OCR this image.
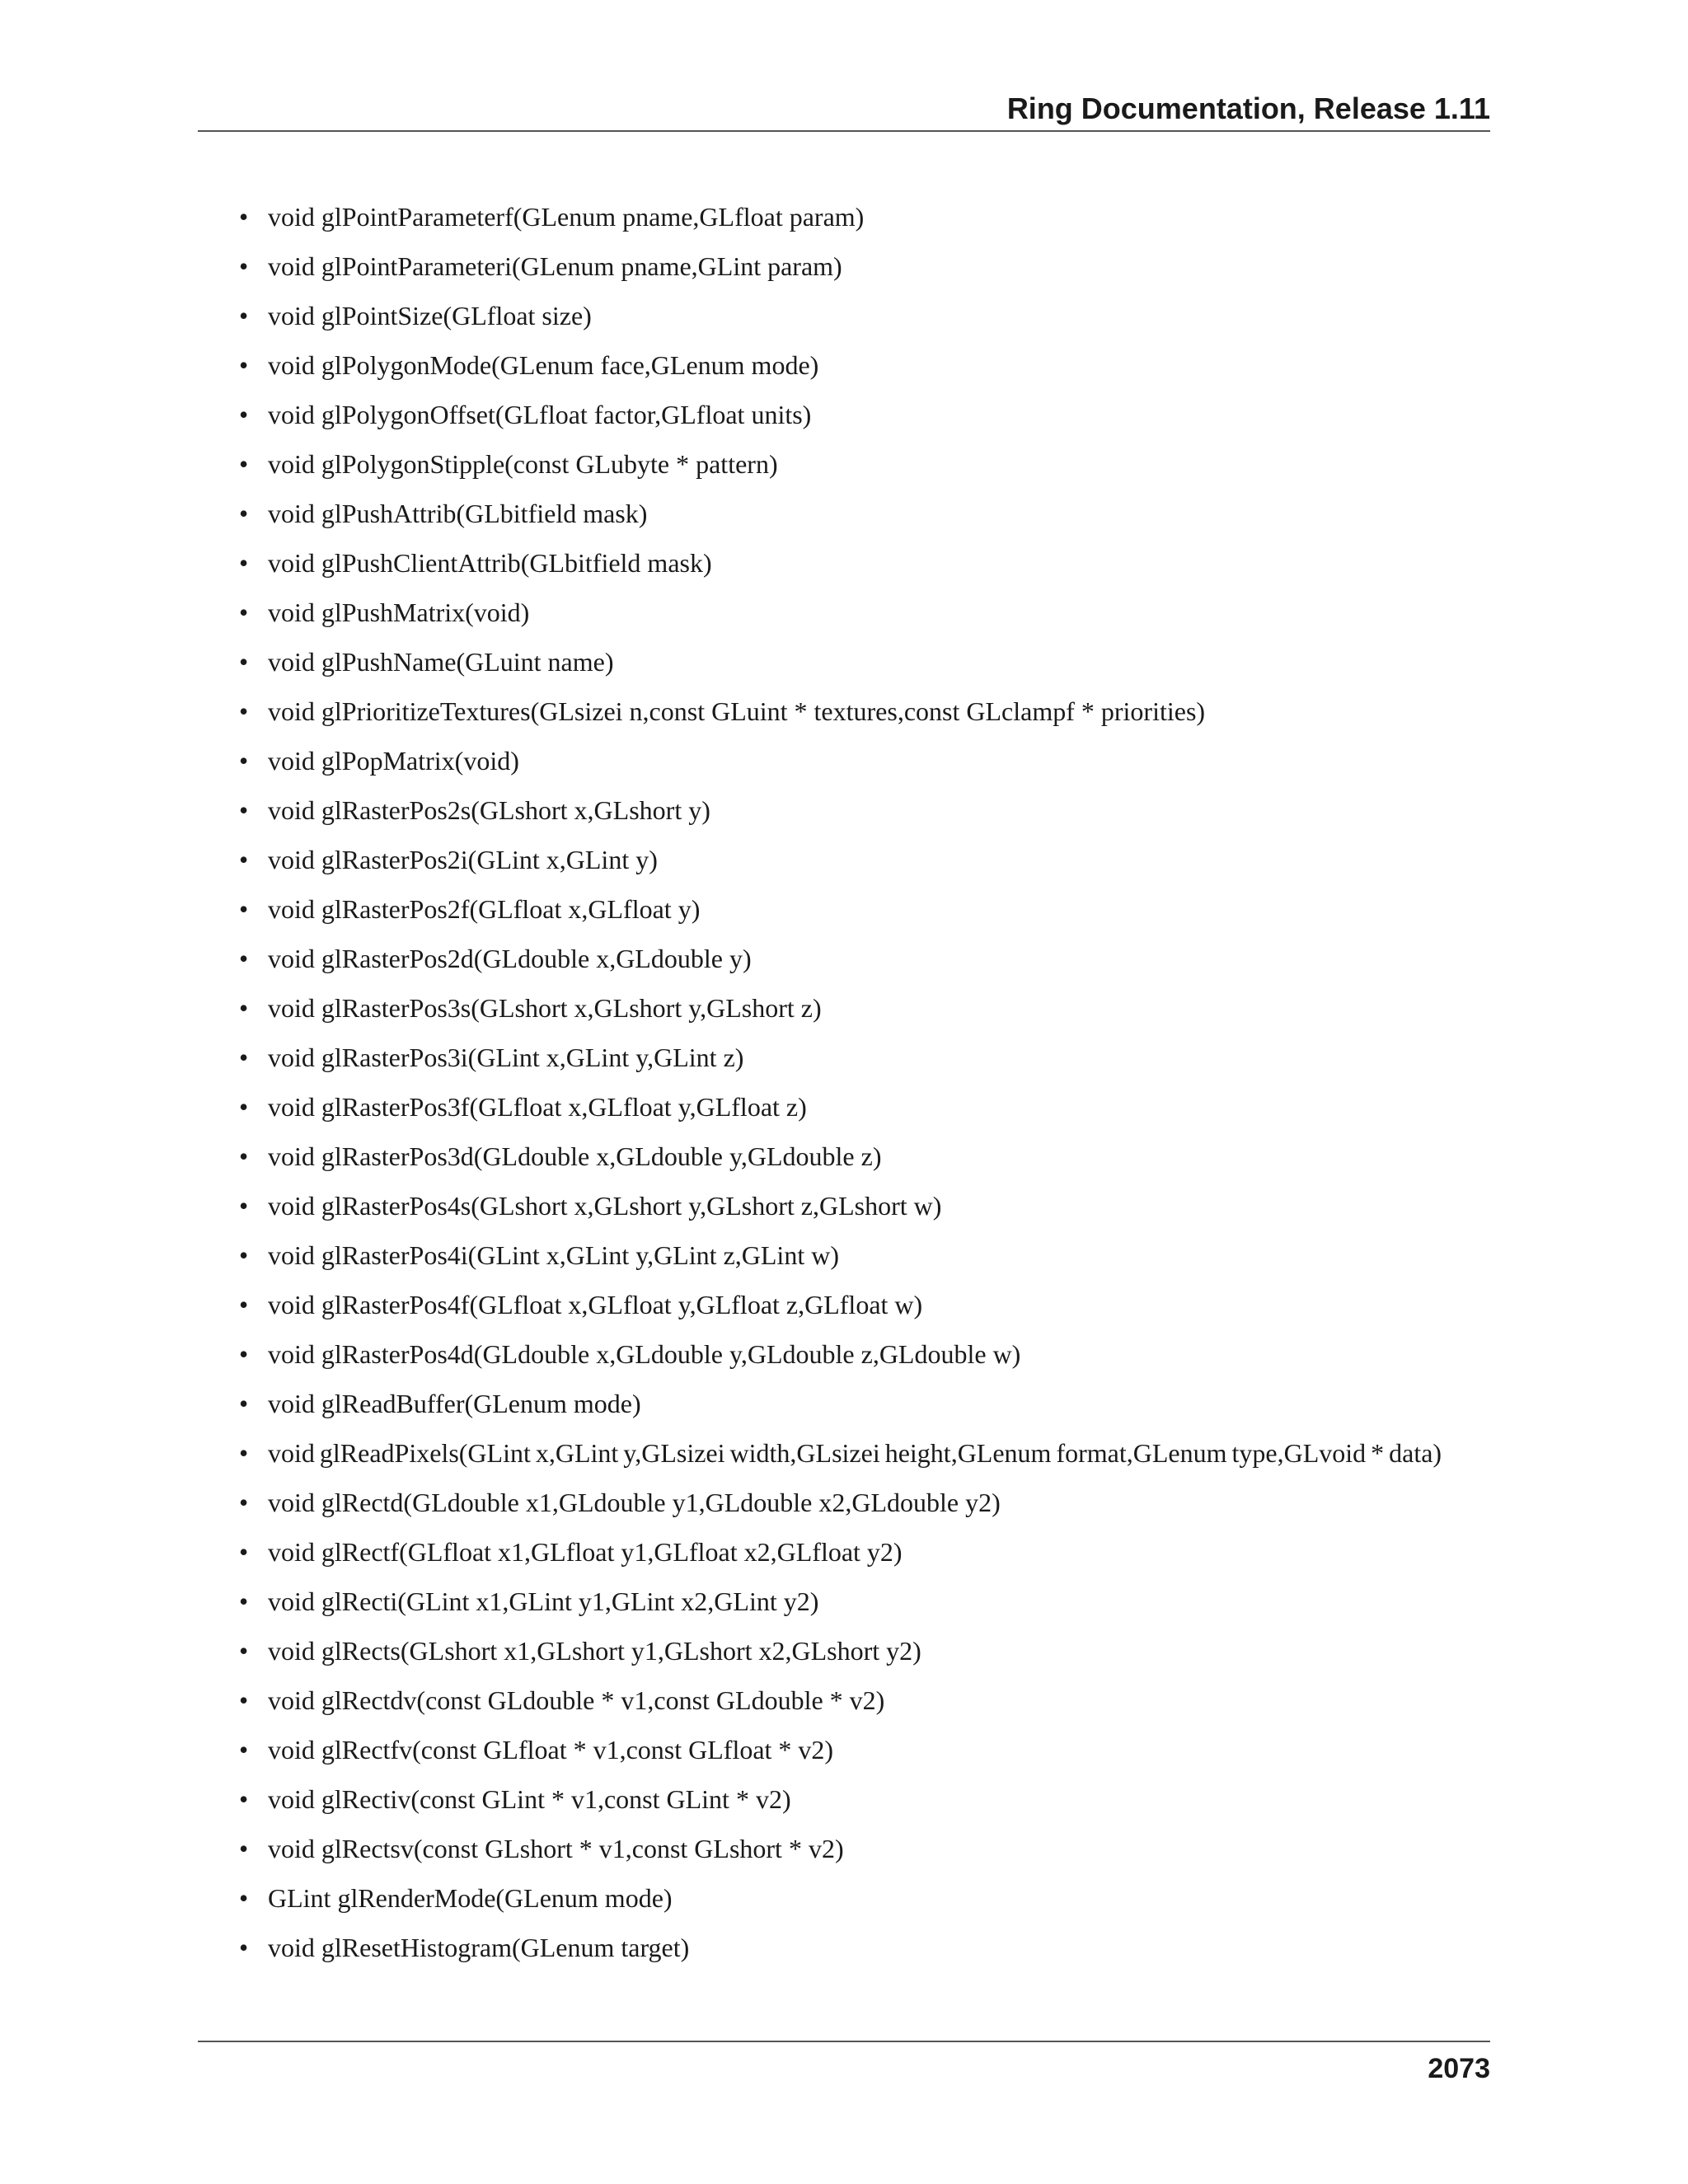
Ring Documentation, Release 1.11
• void glPointParameterf(GLenum pname,GLfloat param)
• void glPointParameteri(GLenum pname,GLint param)
• void glPointSize(GLfloat size)
• void glPolygonMode(GLenum face,GLenum mode)
• void glPolygonOffset(GLfloat factor,GLfloat units)
• void glPolygonStipple(const GLubyte * pattern)
• void glPushAttrib(GLbitfield mask)
• void glPushClientAttrib(GLbitfield mask)
• void glPushMatrix(void)
• void glPushName(GLuint name)
• void glPrioritizeTextures(GLsizei n,const GLuint * textures,const GLclampf * priorities)
• void glPopMatrix(void)
• void glRasterPos2s(GLshort x,GLshort y)
• void glRasterPos2i(GLint x,GLint y)
• void glRasterPos2f(GLfloat x,GLfloat y)
• void glRasterPos2d(GLdouble x,GLdouble y)
• void glRasterPos3s(GLshort x,GLshort y,GLshort z)
• void glRasterPos3i(GLint x,GLint y,GLint z)
• void glRasterPos3f(GLfloat x,GLfloat y,GLfloat z)
• void glRasterPos3d(GLdouble x,GLdouble y,GLdouble z)
• void glRasterPos4s(GLshort x,GLshort y,GLshort z,GLshort w)
• void glRasterPos4i(GLint x,GLint y,GLint z,GLint w)
• void glRasterPos4f(GLfloat x,GLfloat y,GLfloat z,GLfloat w)
• void glRasterPos4d(GLdouble x,GLdouble y,GLdouble z,GLdouble w)
• void glReadBuffer(GLenum mode)
• void glReadPixels(GLint x,GLint y,GLsizei width,GLsizei height,GLenum format,GLenum type,GLvoid * data)
• void glRectd(GLdouble x1,GLdouble y1,GLdouble x2,GLdouble y2)
• void glRectf(GLfloat x1,GLfloat y1,GLfloat x2,GLfloat y2)
• void glRecti(GLint x1,GLint y1,GLint x2,GLint y2)
• void glRects(GLshort x1,GLshort y1,GLshort x2,GLshort y2)
• void glRectdv(const GLdouble * v1,const GLdouble * v2)
• void glRectfv(const GLfloat * v1,const GLfloat * v2)
• void glRectiv(const GLint * v1,const GLint * v2)
• void glRectsv(const GLshort * v1,const GLshort * v2)
• GLint glRenderMode(GLenum mode)
• void glResetHistogram(GLenum target)
2073
